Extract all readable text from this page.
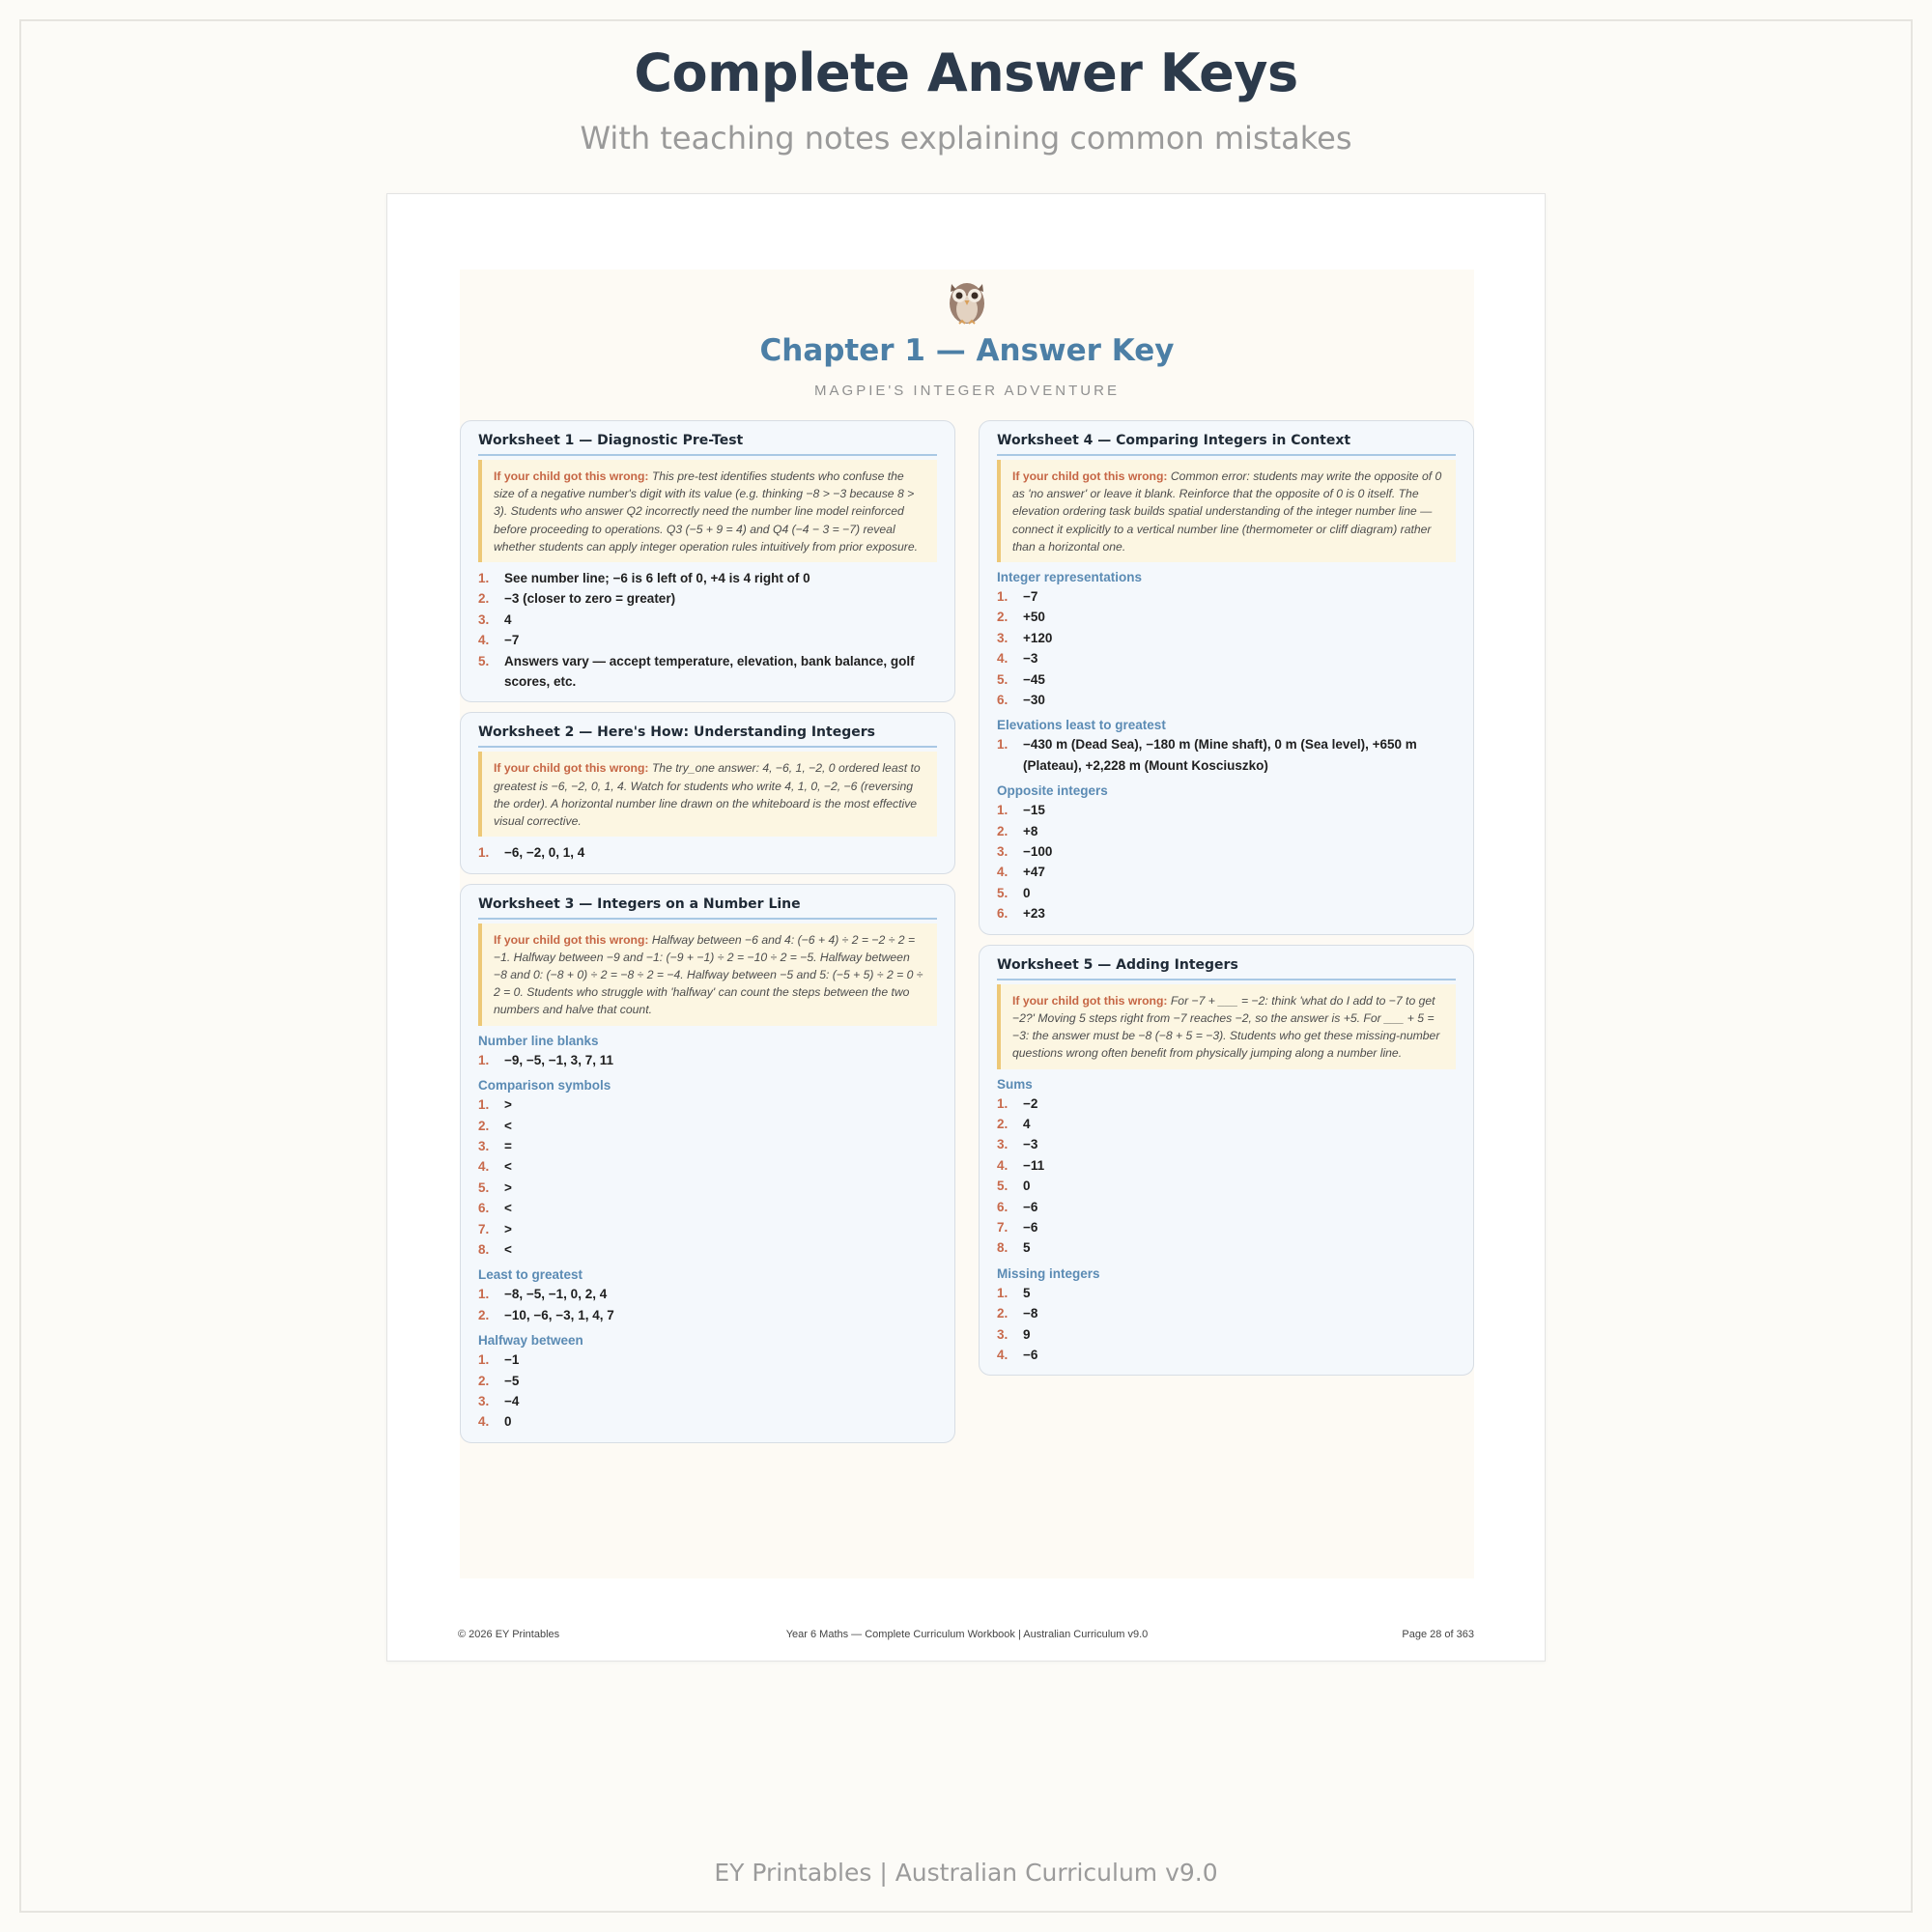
Complete Answer Keys
With teaching notes explaining common mistakes
Chapter 1 — Answer Key
MAGPIE'S INTEGER ADVENTURE
Worksheet 1 — Diagnostic Pre-Test
If your child got this wrong: This pre-test identifies students who confuse the size of a negative number's digit with its value (e.g. thinking −8 > −3 because 8 > 3). Students who answer Q2 incorrectly need the number line model reinforced before proceeding to operations. Q3 (−5 + 9 = 4) and Q4 (−4 − 3 = −7) reveal whether students can apply integer operation rules intuitively from prior exposure.
1. See number line; −6 is 6 left of 0, +4 is 4 right of 0
2. −3 (closer to zero = greater)
3. 4
4. −7
5. Answers vary — accept temperature, elevation, bank balance, golf scores, etc.
Worksheet 2 — Here's How: Understanding Integers
If your child got this wrong: The try_one answer: 4, −6, 1, −2, 0 ordered least to greatest is −6, −2, 0, 1, 4. Watch for students who write 4, 1, 0, −2, −6 (reversing the order). A horizontal number line drawn on the whiteboard is the most effective visual corrective.
1. −6, −2, 0, 1, 4
Worksheet 3 — Integers on a Number Line
If your child got this wrong: Halfway between −6 and 4: (−6 + 4) ÷ 2 = −2 ÷ 2 = −1. Halfway between −9 and −1: (−9 + −1) ÷ 2 = −10 ÷ 2 = −5. Halfway between −8 and 0: (−8 + 0) ÷ 2 = −8 ÷ 2 = −4. Halfway between −5 and 5: (−5 + 5) ÷ 2 = 0 ÷ 2 = 0. Students who struggle with 'halfway' can count the steps between the two numbers and halve that count.
Number line blanks
1. −9, −5, −1, 3, 7, 11
Comparison symbols
1. >
2. <
3. =
4. <
5. >
6. <
7. >
8. <
Least to greatest
1. −8, −5, −1, 0, 2, 4
2. −10, −6, −3, 1, 4, 7
Halfway between
1. −1
2. −5
3. −4
4. 0
Worksheet 4 — Comparing Integers in Context
If your child got this wrong: Common error: students may write the opposite of 0 as 'no answer' or leave it blank. Reinforce that the opposite of 0 is 0 itself. The elevation ordering task builds spatial understanding of the integer number line — connect it explicitly to a vertical number line (thermometer or cliff diagram) rather than a horizontal one.
Integer representations
1. −7
2. +50
3. +120
4. −3
5. −45
6. −30
Elevations least to greatest
1. −430 m (Dead Sea), −180 m (Mine shaft), 0 m (Sea level), +650 m (Plateau), +2,228 m (Mount Kosciuszko)
Opposite integers
1. −15
2. +8
3. −100
4. +47
5. 0
6. +23
Worksheet 5 — Adding Integers
If your child got this wrong: For −7 + ___ = −2: think 'what do I add to −7 to get −2?' Moving 5 steps right from −7 reaches −2, so the answer is +5. For ___ + 5 = −3: the answer must be −8 (−8 + 5 = −3). Students who get these missing-number questions wrong often benefit from physically jumping along a number line.
Sums
1. −2
2. 4
3. −3
4. −11
5. 0
6. −6
7. −6
8. 5
Missing integers
1. 5
2. −8
3. 9
4. −6
© 2026 EY Printables	Year 6 Maths — Complete Curriculum Workbook | Australian Curriculum v9.0	Page 28 of 363
EY Printables | Australian Curriculum v9.0
